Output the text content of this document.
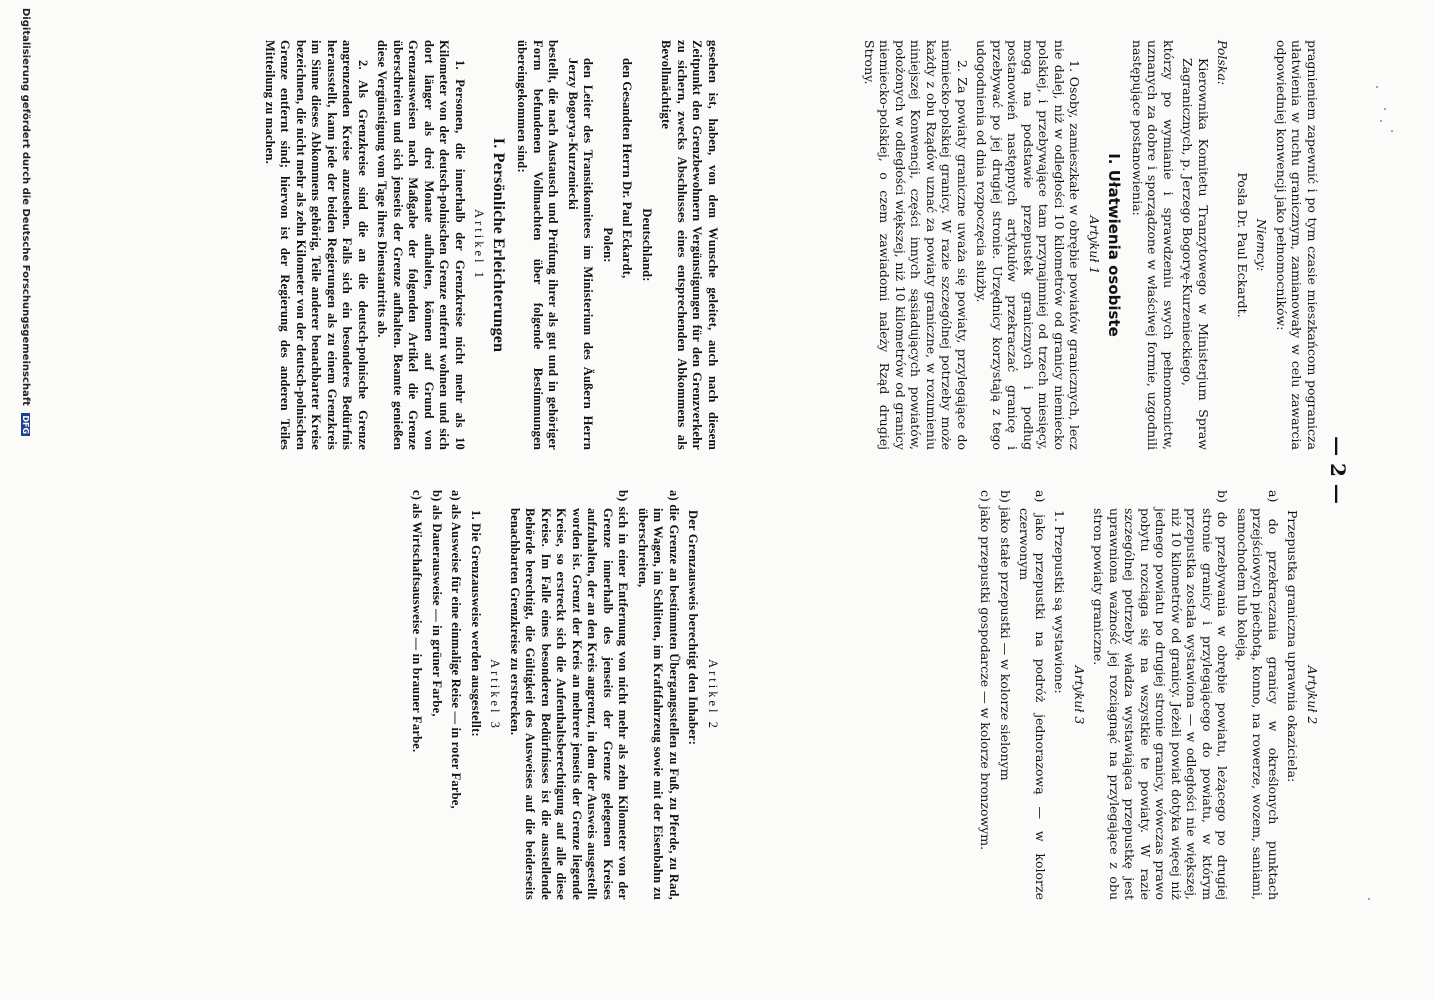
— 2 —

pragnieniem zapewnić i po tym czasie mieszkańcom pogranicza ułatwienia w ruchu granicznym, zamianowały w celu zawarcia odpowiedniej konwencji jako pełnomocników:

Niemcy:

Posła Dr. Paul Eckardt.

Polska:

Kierownika Komitetu Tranzytowego w Ministerjum Spraw Zagranicznych, p. Jerzego Bogoryę-Kurzenieckiego,

którzy po wymianie i sprawdzeniu swych pełnomocnictw, uznanych za dobre i sporządzone w właściwej formie, uzgodnili następujące postanowienia:

I. Ułatwienia osobiste

Artykuł 1

1. Osoby, zamieszkałe w obrębie powiatów granicznych, lecz nie dalej, niż w odległości 10 kilometrów od granicy niemiecko polskiej, i przebywające tam przynajmniej od trzech miesięcy, mogą na podstawie przepustek granicznych i podług postanowień następnych artykułów przekraczać granicę i przebywać po jej drugiej stronie. Urzędnicy korzystają z tego udogodnienia od dnia rozpoczęcia służby.

2. Za powiaty graniczne uważa się powiaty, przylegające do niemiecko-polskiej granicy. W razie szczególnej potrzeby może każdy z obu Rządów uznać za powiaty graniczne, w rozumieniu niniejszej Konwencji, części innych sąsiadujących powiatów, położonych w odległości większej, niż 10 kilometrów od granicy niemiecko-polskiej, o czem zawiadomi należy Rząd drugiej Strony.

Artykuł 2

Przepustka graniczna uprawnia okaziciela:

a) do przekraczania granicy w określonych punktach przejściowych piechotą, konno, na rowerze, wozem, saniami, samochodem lub koleją,

b) do przebywania w obrębie powiatu, leżącego po drugiej stronie granicy i przylegającego do powiatu, w którym przepustka została wystawiona — w odległości nie większej, niż 10 kilometrów od granicy. Jeżeli powiat dotyka więcej niż jednego powiatu po drugiej stronie granicy, wówczas prawo pobytu rozciąga się na wszystkie te powiaty. W razie szczególnej potrzeby władza wystawiająca przepustkę jest uprawniona ważność jej rozciągnąć na przylegające z obu stron powiaty graniczne.

Artykuł 3

1. Przepustki są wystawione:

a) jako przepustki na podróż jednorazową — w kolorze czerwonym

b) jako stałe przepustki — w kolorze sielonym

c) jako przepustki gospodarcze — w kolorze bronzowym.

gesehen ist, haben, von dem Wunsche geleitet, auch nach diesem Zeitpunkt den Grenzbewohnern Vergünstigungen für den Grenzverkehr zu sichern, zwecks Abschlusses eines entsprechenden Abkommens als Bevollmächtigte

Deutschland:

den Gesandten Herrn Dr. Paul Eckardt,

Polen:

den Leiter des Transitkomitees im Ministerium des Äußern Herrn Jerzy Bogorya-Kurzeniecki

bestellt, die nach Austausch und Prüfung ihrer als gut und in gehöriger Form befundenen Vollmachten über folgende Bestimmungen übereingekommen sind:

I. Persönliche Erleichterungen

Artikel 1

1. Personen, die innerhalb der Grenzkreise nicht mehr als 10 Kilometer von der deutsch-polnischen Grenze entfernt wohnen und sich dort länger als drei Monate aufhalten, können auf Grund von Grenzausweisen nach Maßgabe der folgenden Artikel die Grenze überschreiten und sich jenseits der Grenze aufhalten. Beamte genießen diese Vergünstigung vom Tage ihres Dienstantritts ab.

2. Als Grenzkreise sind die an die deutsch-polnische Grenze angrenzenden Kreise anzusehen. Falls sich ein besonderes Bedürfnis herausstellt, kann jede der beiden Regierungen als zu einem Grenzkreis im Sinne dieses Abkommens gehörig, Teile anderer benachbarter Kreise bezeichnen, die nicht mehr als zehn Kilometer von der deutsch-polnischen Grenze entfernt sind; hiervon ist der Regierung des anderen Teiles Mitteilung zu machen.

Artikel 2

Der Grenzausweis berechtigt den Inhaber:

a) die Grenze an bestimmten Übergangsstellen zu Fuß, zu Pferde, zu Rad, im Wagen, im Schlitten, im Kraftfahrzeug sowie mit der Eisenbahn zu überschreiten,

b) sich in einer Entfernung von nicht mehr als zehn Kilometer von der Grenze innerhalb des jenseits der Grenze gelegenen Kreises aufzuhalten, der an den Kreis angrenzt, in dem der Ausweis ausgestellt worden ist. Grenzt der Kreis an mehrere jenseits der Grenze liegende Kreise, so erstreckt sich die Aufenthaltsberechtigung auf alle diese Kreise. Im Falle eines besonderen Bedürfnisses ist die ausstellende Behörde berechtigt, die Gültigkeit des Ausweises auf die beiderseits benachbarten Grenzkreise zu erstrecken.

Artikel 3

1. Die Grenzausweise werden ausgestellt:

a) als Ausweise für eine einmalige Reise — in roter Farbe,

b) als Dauerausweise — in grüner Farbe,

c) als Wirtschaftsausweise — in brauner Farbe.

Digitalisierung gefördert durch die Deutsche Forschungsgemeinschaft DFG
